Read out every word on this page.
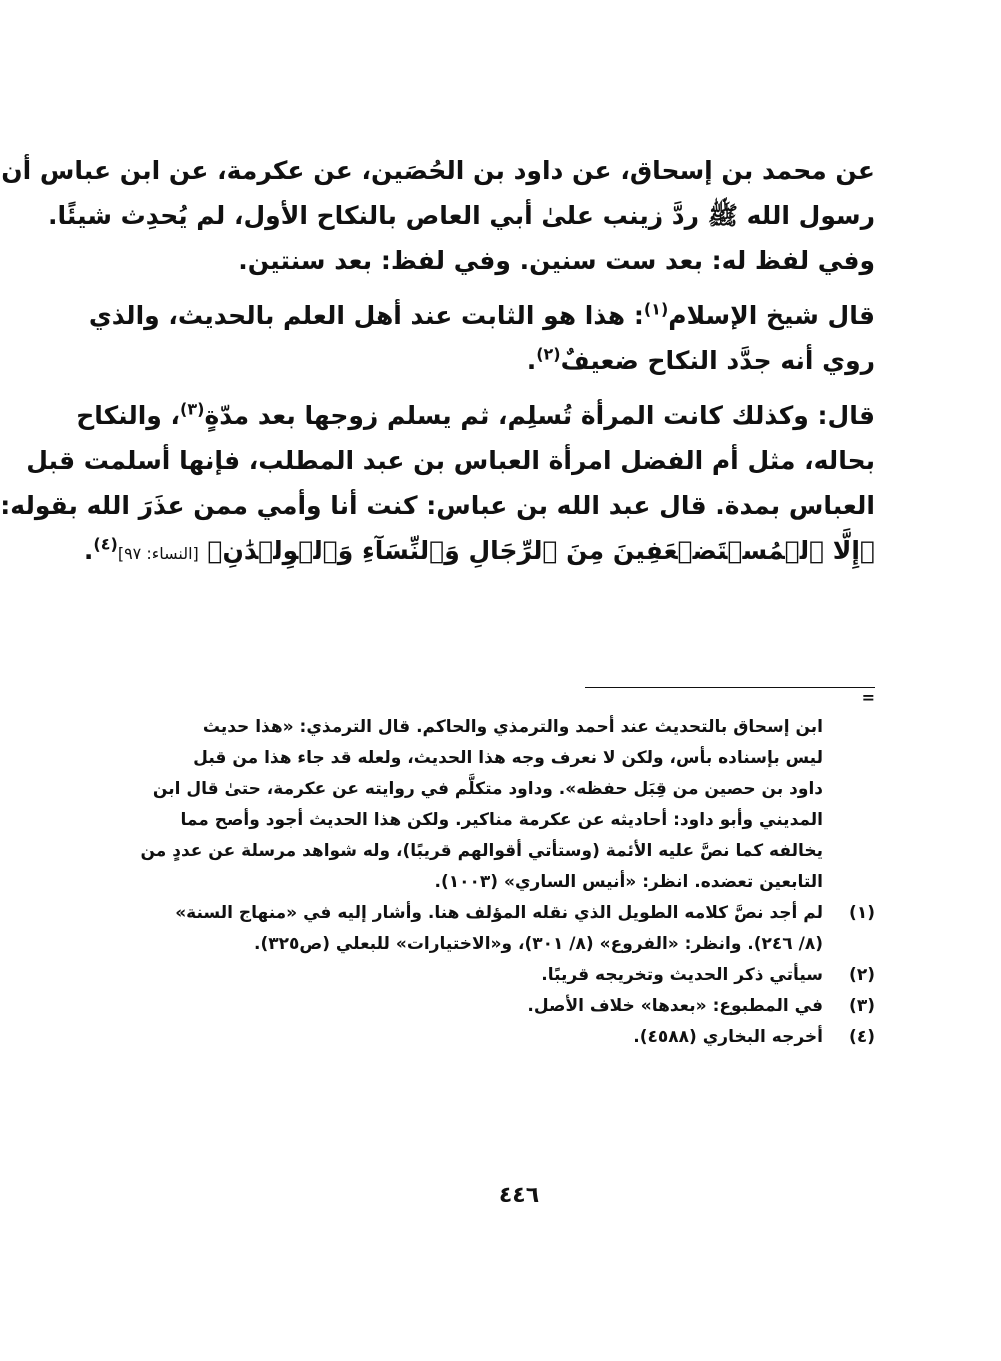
عن محمد بن إسحاق، عن داود بن الحُصَين، عن عكرمة، عن ابن عباس أن
رسول الله ﷺ ردَّ زينب علىٰ أبي العاص بالنكاح الأول، لم يُحدِث شيئًا.
وفي لفظ له: بعد ست سنين. وفي لفظ: بعد سنتين.

قال شيخ الإسلام$^{(١)}$: هذا هو الثابت عند أهل العلم بالحديث، والذي
روي أنه جدَّد النكاح ضعيفٌ$^{(٢)}$.

قال: وكذلك كانت المرأة تُسلِم، ثم يسلم زوجها بعد مدّةٍ$^{(٣)}$، والنكاح
بحاله، مثل أم الفضل امرأة العباس بن عبد المطلب، فإنها أسلمت قبل
العباس بمدة. قال عبد الله بن عباس: كنت أنا وأمي ممن عذَرَ الله بقوله:
﴿إِلَّا ٱلۡمُسۡتَضۡعَفِينَ مِنَ ٱلرِّجَالِ وَٱلنِّسَآءِ وَٱلۡوِلۡدَٰنِ﴾ [النساء: ٩٧]$^{(٤)}$.

=
ابن إسحاق بالتحديث عند أحمد والترمذي والحاكم. قال الترمذي: «هذا حديث
ليس بإسناده بأس، ولكن لا نعرف وجه هذا الحديث، ولعله قد جاء هذا من قبل
داود بن حصين من قِبَل حفظه». وداود متكلَّم في روايته عن عكرمة، حتىٰ قال ابن
المديني وأبو داود: أحاديثه عن عكرمة مناكير. ولكن هذا الحديث أجود وأصح مما
يخالفه كما نصَّ عليه الأئمة (وستأتي أقوالهم قريبًا)، وله شواهد مرسلة عن عددٍ من
التابعين تعضده. انظر: «أنيس الساري» (١٠٠٣).
(١)
لم أجد نصَّ كلامه الطويل الذي نقله المؤلف هنا. وأشار إليه في «منهاج السنة»
(٨/ ٢٤٦). وانظر: «الفروع» (٨/ ٣٠١)، و«الاختيارات» للبعلي (ص٣٢٥).
(٢)
سيأتي ذكر الحديث وتخريجه قريبًا.
(٣)
في المطبوع: «بعدها» خلاف الأصل.
(٤)
أخرجه البخاري (٤٥٨٨).
٤٤٦
